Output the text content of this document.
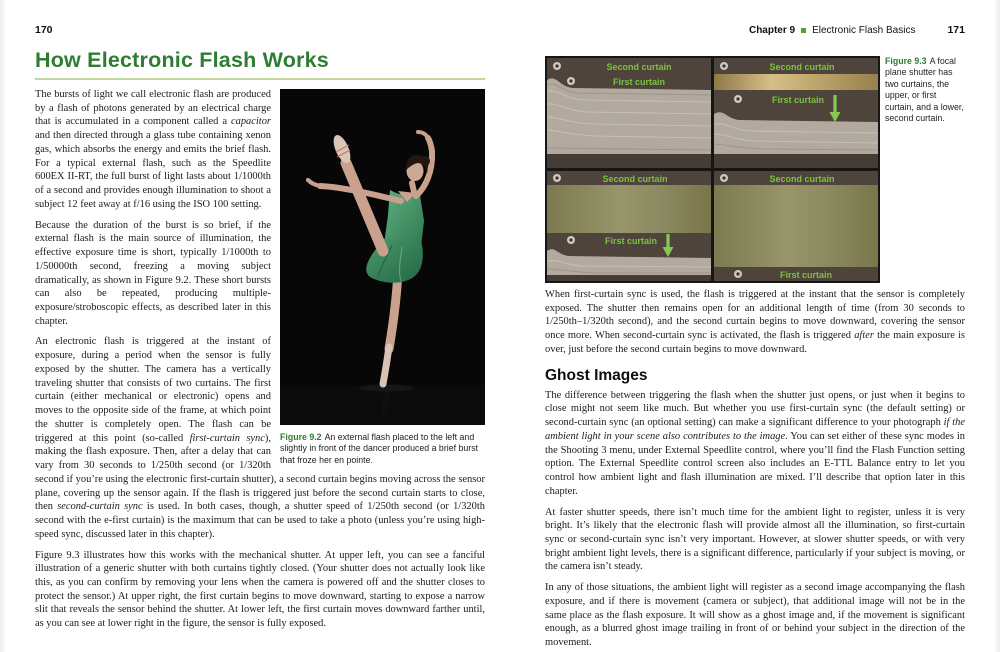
170
How Electronic Flash Works
Figure 9.2 An external flash placed to the left and slightly in front of the dancer produced a brief burst that froze her en pointe.

The bursts of light we call electronic flash are produced by a flash of photons generated by an electrical charge that is accumulated in a component called a capacitor and then directed through a glass tube containing xenon gas, which absorbs the energy and emits the brief flash. For a typical external flash, such as the Speedlite 600EX II-RT, the full burst of light lasts about 1/1000th of a second and provides enough illumination to shoot a subject 12 feet away at f/16 using the ISO 100 setting.

Because the duration of the burst is so brief, if the external flash is the main source of illumination, the effective exposure time is short, typically 1/1000th to 1/50000th second, freezing a moving subject dramatically, as shown in Figure 9.2. These short bursts can also be repeated, producing multiple-exposure/stroboscopic effects, as described later in this chapter.

An electronic flash is triggered at the instant of exposure, during a period when the sensor is fully exposed by the shutter. The camera has a vertically traveling shutter that consists of two curtains. The first curtain (either mechanical or electronic) opens and moves to the opposite side of the frame, at which point the shutter is completely open. The flash can be triggered at this point (so-called first-curtain sync), making the flash exposure. Then, after a delay that can vary from 30 seconds to 1/250th second (or 1/320th second if you’re using the electronic first-curtain shutter), a second curtain begins moving across the sensor plane, covering up the sensor again. If the flash is triggered just before the second curtain starts to close, then second-curtain sync is used. In both cases, though, a shutter speed of 1/250th second (or 1/320th second with the e-first curtain) is the maximum that can be used to take a photo (unless you’re using high-speed sync, discussed later in this chapter).

Figure 9.3 illustrates how this works with the mechanical shutter. At upper left, you can see a fanciful illustration of a generic shutter with both curtains tightly closed. (Your shutter does not actually look like this, as you can confirm by removing your lens when the camera is powered off and the shutter closes to protect the sensor.) At upper right, the first curtain begins to move downward, starting to expose a narrow slit that reveals the sensor behind the shutter. At lower left, the first curtain moves downward farther until, as you can see at lower right in the figure, the sensor is fully exposed.

Chapter 9 Electronic Flash Basics	171
Second curtain
First curtain
Second curtain
First curtain
Second curtain
First curtain
Second curtain
First curtain
Figure 9.3 A focal plane shutter has two curtains, the upper, or first curtain, and a lower, second curtain.

When first-curtain sync is used, the flash is triggered at the instant that the sensor is completely exposed. The shutter then remains open for an additional length of time (from 30 seconds to 1/250th–1/320th second), and the second curtain begins to move downward, covering the sensor once more. When second-curtain sync is activated, the flash is triggered after the main exposure is over, just before the second curtain begins to move downward.

Ghost Images

The difference between triggering the flash when the shutter just opens, or just when it begins to close might not seem like much. But whether you use first-curtain sync (the default setting) or second-curtain sync (an optional setting) can make a significant difference to your photograph if the ambient light in your scene also contributes to the image. You can set either of these sync modes in the Shooting 3 menu, under External Speedlite control, where you’ll find the Flash Function setting option. The External Speedlite control screen also includes an E-TTL Balance entry to let you control how ambient light and flash illumination are mixed. I’ll describe that option later in this chapter.

At faster shutter speeds, there isn’t much time for the ambient light to register, unless it is very bright. It’s likely that the electronic flash will provide almost all the illumination, so first-curtain sync or second-curtain sync isn’t very important. However, at slower shutter speeds, or with very bright ambient light levels, there is a significant difference, particularly if your subject is moving, or the camera isn’t steady.

In any of those situations, the ambient light will register as a second image accompanying the flash exposure, and if there is movement (camera or subject), that additional image will not be in the same place as the flash exposure. It will show as a ghost image and, if the movement is significant enough, as a blurred ghost image trailing in front of or behind your subject in the direction of the movement.
